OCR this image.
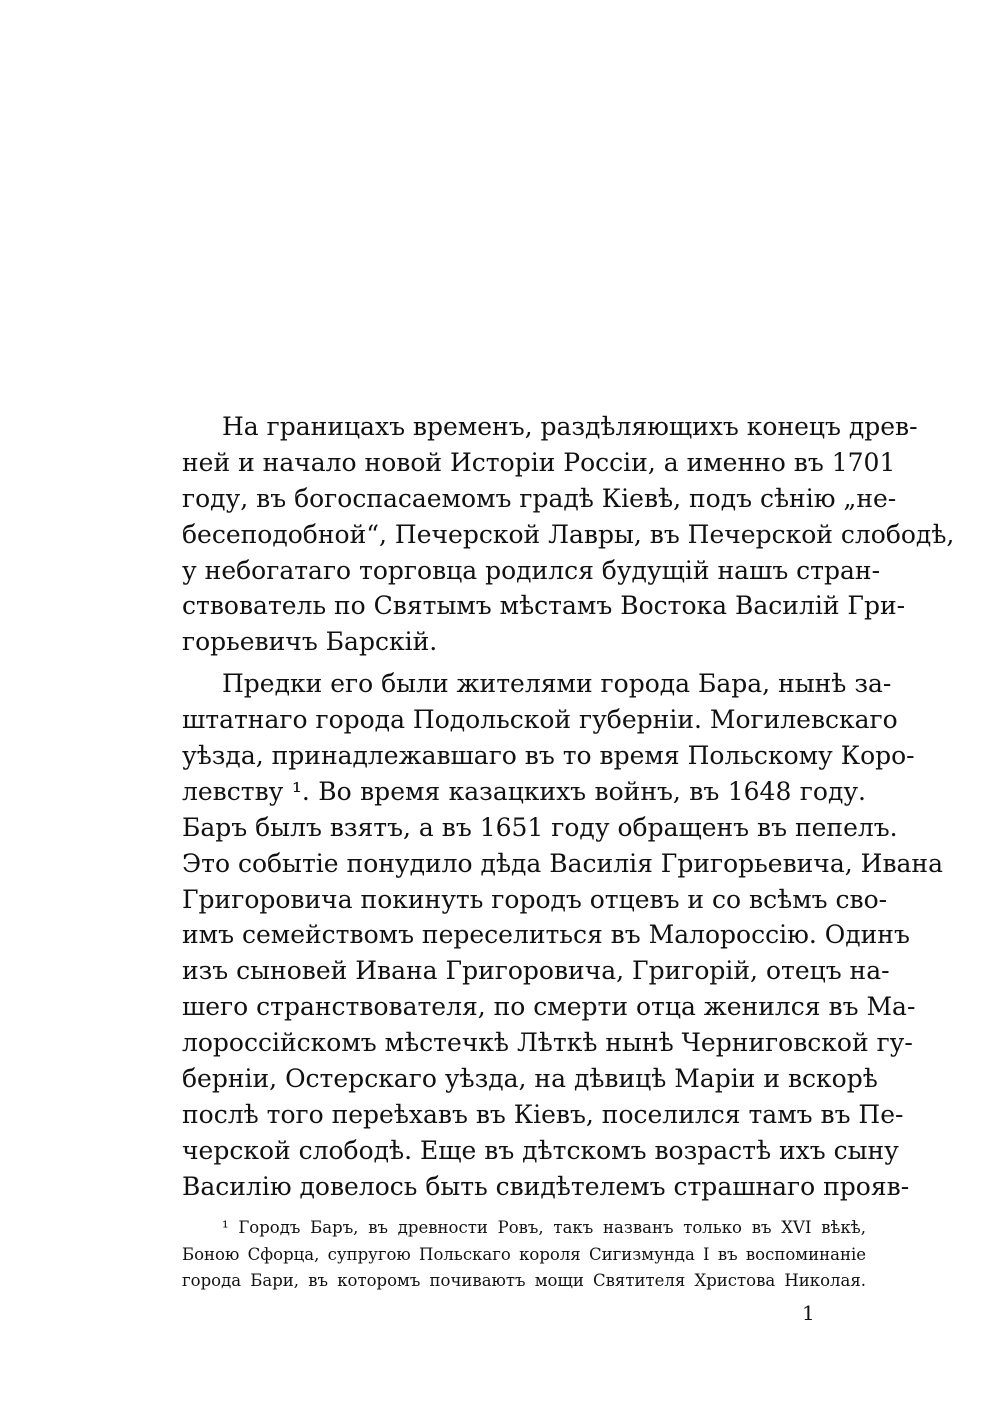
На границахъ временъ, раздѣляющихъ конецъ древ-
ней и начало новой Исторіи Россіи, а именно въ 1701
году, въ богоспасаемомъ градѣ Кіевѣ, подъ сѣнію „не-
бесеподобной“, Печерской Лавры, въ Печерской слободѣ,
у небогатаго торговца родился будущій нашъ стран-
ствователь по Святымъ мѣстамъ Востока Василій Гри-
горьевичъ Барскій.
Предки его были жителями города Бара, нынѣ за-
штатнаго города Подольской губерніи. Могилевскаго
уѣзда, принадлежавшаго въ то время Польскому Коро-
левству ¹. Во время казацкихъ войнъ, въ 1648 году.
Баръ былъ взятъ, а въ 1651 году обращенъ въ пепелъ.
Это событіе понудило дѣда Василія Григорьевича, Ивана
Григоровича покинуть городъ отцевъ и со всѣмъ сво-
имъ семействомъ переселиться въ Малороссію. Одинъ
изъ сыновей Ивана Григоровича, Григорій, отецъ на-
шего странствователя, по смерти отца женился въ Ма-
лороссійскомъ мѣстечкѣ Лѣткѣ нынѣ Черниговской гу-
берніи, Остерскаго уѣзда, на дѣвицѣ Маріи и вскорѣ
послѣ того переѣхавъ въ Кіевъ, поселился тамъ въ Пе-
черской слободѣ. Еще въ дѣтскомъ возрастѣ ихъ сыну
Василію довелось быть свидѣтелемъ страшнаго прояв-
¹ Городъ Баръ, въ древности Ровъ, такъ названъ только въ XVI вѣкѣ,
Боною Сфорца, супругою Польскаго короля Сигизмунда I въ воспоминаніе
города Бари, въ которомъ почиваютъ мощи Святителя Христова Николая.
1
